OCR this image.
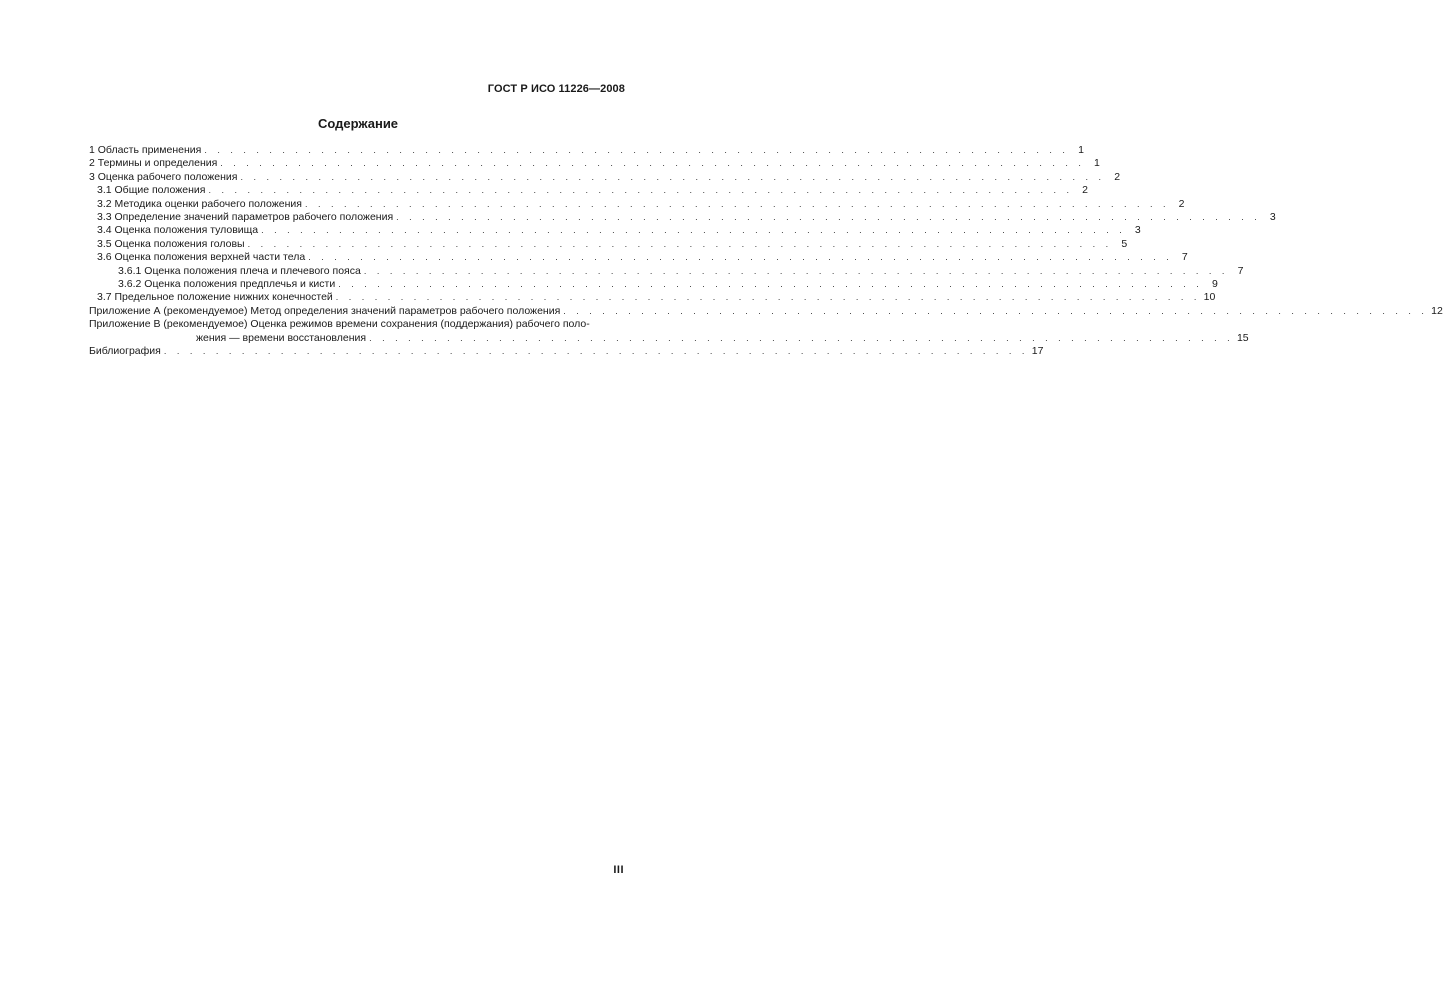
ГОСТ Р ИСО 11226—2008
Содержание
1 Область применения . . . . . . . . . . . . . . . . . . . . . . . . . . . . . . . . . . . . . . . . . . . . . . . . . . . . . . . . . . . . . . . . . . . 1
2 Термины и определения . . . . . . . . . . . . . . . . . . . . . . . . . . . . . . . . . . . . . . . . . . . . . . . . . . . . . . . . . . . . . . . . . . . 1
3 Оценка рабочего положения . . . . . . . . . . . . . . . . . . . . . . . . . . . . . . . . . . . . . . . . . . . . . . . . . . . . . . . . . . . . . . . . . . . 2
3.1 Общие положения . . . . . . . . . . . . . . . . . . . . . . . . . . . . . . . . . . . . . . . . . . . . . . . . . . . . . . . . . . . . . . . . . . . 2
3.2 Методика оценки рабочего положения . . . . . . . . . . . . . . . . . . . . . . . . . . . . . . . . . . . . . . . . . . . . . . . . . . . . . . . . . . . . . . . . . . . 2
3.3 Определение значений параметров рабочего положения . . . . . . . . . . . . . . . . . . . . . . . . . . . . . . . . . . . . . . . . . . . . . . . . . . . . . . . . . . . . . . . . . . . 3
3.4 Оценка положения туловища . . . . . . . . . . . . . . . . . . . . . . . . . . . . . . . . . . . . . . . . . . . . . . . . . . . . . . . . . . . . . . . . . . . 3
3.5 Оценка положения головы . . . . . . . . . . . . . . . . . . . . . . . . . . . . . . . . . . . . . . . . . . . . . . . . . . . . . . . . . . . . . . . . . . . 5
3.6 Оценка положения верхней части тела . . . . . . . . . . . . . . . . . . . . . . . . . . . . . . . . . . . . . . . . . . . . . . . . . . . . . . . . . . . . . . . . . . . 7
3.6.1 Оценка положения плеча и плечевого пояса . . . . . . . . . . . . . . . . . . . . . . . . . . . . . . . . . . . . . . . . . . . . . . . . . . . . . . . . . . . . . . . . . . . 7
3.6.2 Оценка положения предплечья и кисти . . . . . . . . . . . . . . . . . . . . . . . . . . . . . . . . . . . . . . . . . . . . . . . . . . . . . . . . . . . . . . . . . . . 9
3.7 Предельное положение нижних конечностей . . . . . . . . . . . . . . . . . . . . . . . . . . . . . . . . . . . . . . . . . . . . . . . . . . . . . . . . . . . . . . . . . . . 10
Приложение А (рекомендуемое) Метод определения значений параметров рабочего положения . . . . . . . . . . . . . . . . . . . . . . . . . . . . . . . . . . . . . . . . . . . . . . . . . . . . . . . . . . . . . . . . . . . 12
Приложение В (рекомендуемое) Оценка режимов времени сохранения (поддержания) рабочего поло-
жения — времени восстановления . . . . . . . . . . . . . . . . . . . . . . . . . . . . . . . . . . . . . . . . . . . . . . . . . . . . . . . . . . . . . . . . . . . 15
Библиография . . . . . . . . . . . . . . . . . . . . . . . . . . . . . . . . . . . . . . . . . . . . . . . . . . . . . . . . . . . . . . . . . . . 17
III
